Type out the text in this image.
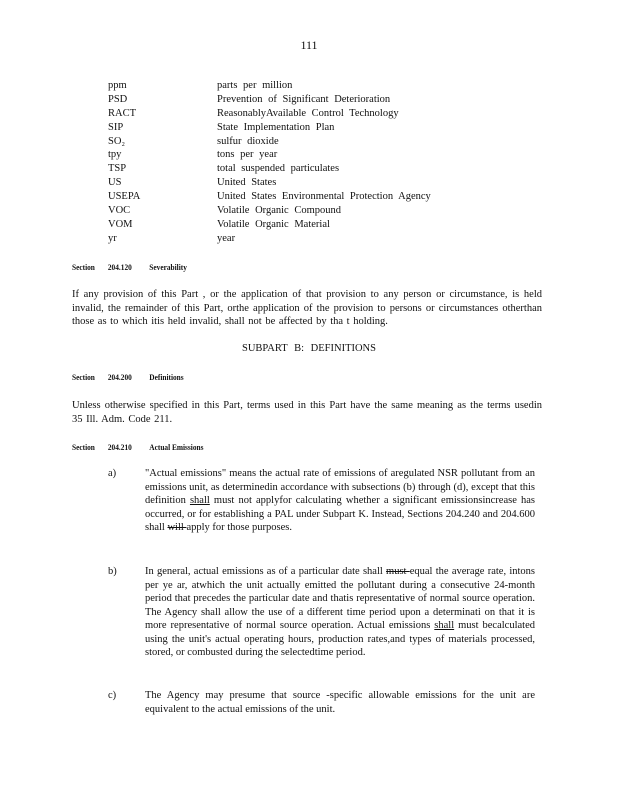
111
ppm	parts per million
PSD	Prevention of Significant Deterioration
RACT	ReasonablyAvailable Control Technology
SIP	State Implementation Plan
SO₂	sulfur dioxide
tpy	tons per year
TSP	total suspended particulates
US	United States
USEPA	United States Environmental Protection Agency
VOC	Volatile Organic Compound
VOM	Volatile Organic Material
yr	year
Section 204.120 Severability
If any provision of this Part , or the application of that provision to any person or circumstance, is held invalid, the remainder of this Part, orthe application of the provision to persons or circumstances otherthan those as to which itis held invalid, shall not be affected by tha t holding.
SUBPART B: DEFINITIONS
Section 204.200 Definitions
Unless otherwise specified in this Part, terms used in this Part have the same meaning as the terms usedin 35 Ill. Adm. Code 211.
Section 204.210 Actual Emissions
a)	"Actual emissions" means the actual rate of emissions of aregulated NSR pollutant from an emissions unit, as determinedin accordance with subsections (b) through (d), except that this definition shall must not applyfor calculating whether a significant emissionsincrease has occurred, or for establishing a PAL under Subpart K. Instead, Sections 204.240 and 204.600 shall will apply for those purposes.
b)	In general, actual emissions as of a particular date shall must equal the average rate, intons per ye ar, atwhich the unit actually emitted the pollutant during a consecutive 24-month period that precedes the particular date and thatis representative of normal source operation. The Agency shall allow the use of a different time period upon a determinati on that it is more representative of normal source operation. Actual emissions shall must becalculated using the unit's actual operating hours, production rates,and types of materials processed, stored, or combusted during the selectedtime period.
c)	The Agency may presume that source -specific allowable emissions for the unit are equivalent to the actual emissions of the unit.
